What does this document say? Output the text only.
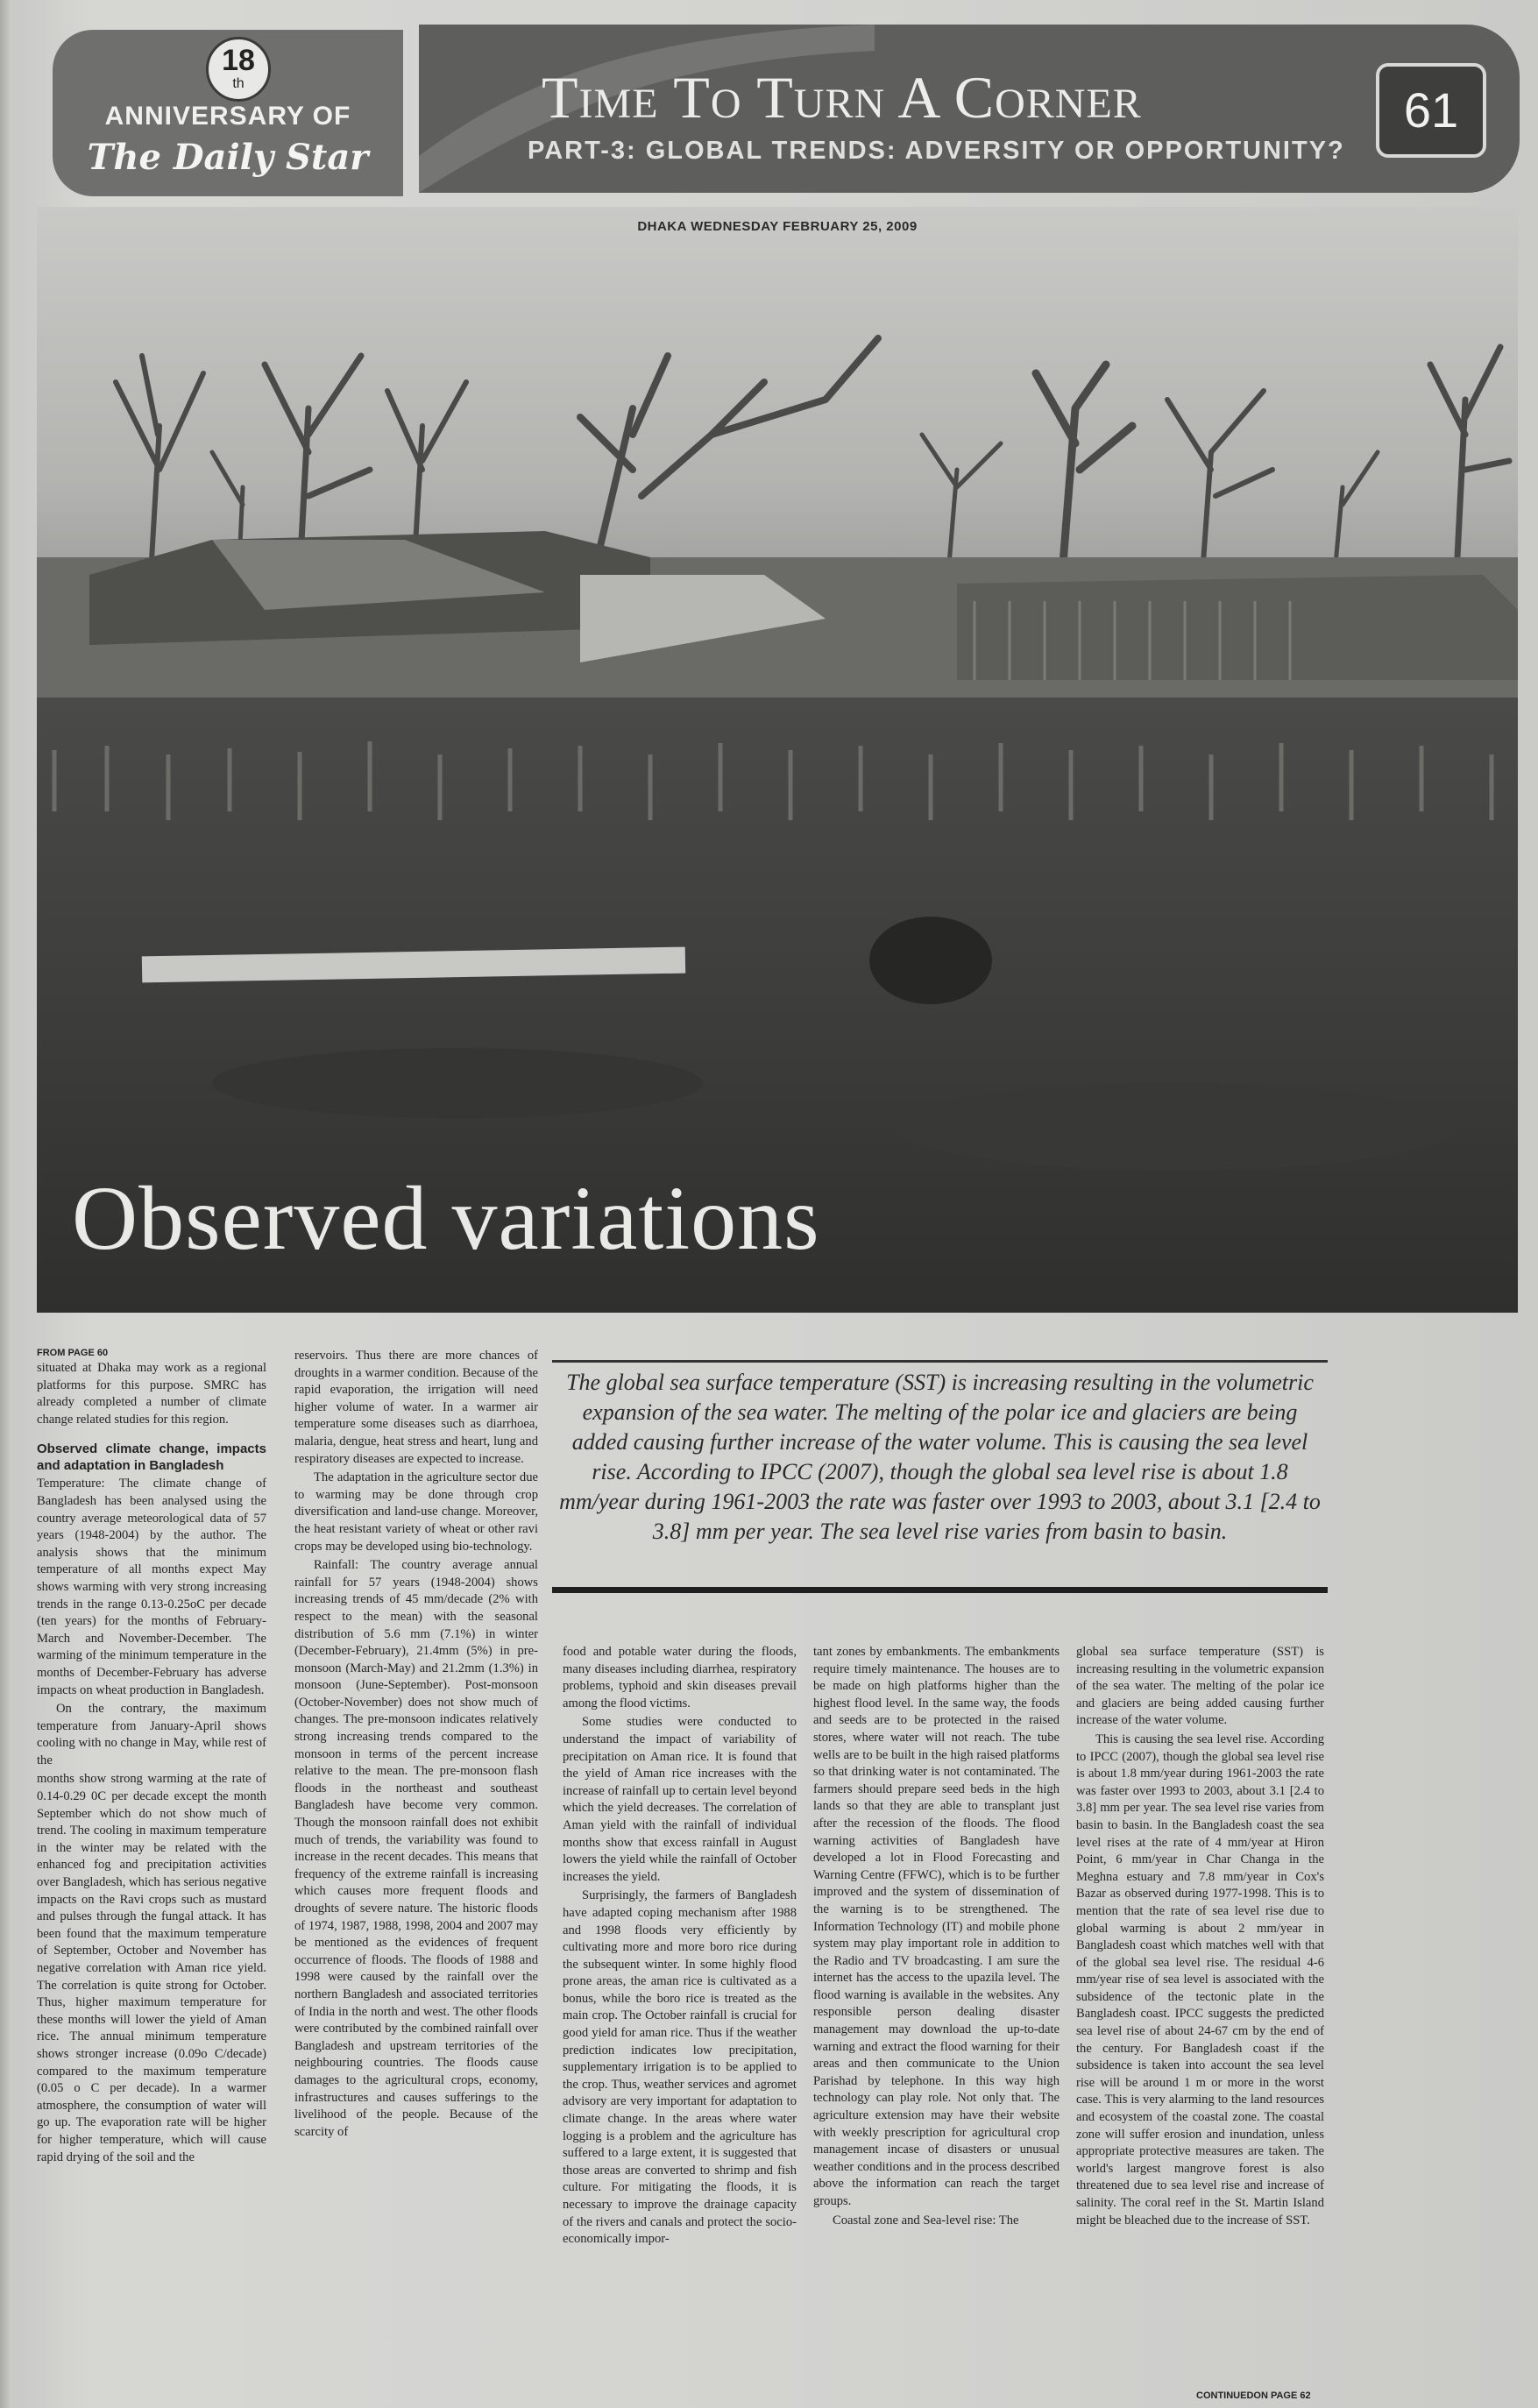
18
th
ANNIVERSARY OF
The Daily Star
Time To Turn A Corner
PART-3: GLOBAL TRENDS: ADVERSITY OR OPPORTUNITY?
61
DHAKA WEDNESDAY FEBRUARY 25, 2009
Observed variations	SYED ZAKIR HOSSAIN
FROM PAGE 60

situated at Dhaka may work as a regional platforms for this purpose. SMRC has already completed a number of climate change related studies for this region.

Observed climate change, impacts and adaptation in Bangladesh

Temperature: The climate change of Bangladesh has been analysed using the country average meteorological data of 57 years (1948-2004) by the author. The analysis shows that the minimum temperature of all months expect May shows warming with very strong increasing trends in the range 0.13-0.25oC per decade (ten years) for the months of February-March and November-December. The warming of the minimum temperature in the months of December-February has adverse impacts on wheat production in Bangladesh.

On the contrary, the maximum temperature from January-April shows cooling with no change in May, while rest of the

months show strong warming at the rate of 0.14-0.29 0C per decade except the month September which do not show much of trend. The cooling in maximum temperature in the winter may be related with the enhanced fog and precipitation activities over Bangladesh, which has serious negative impacts on the Ravi crops such as mustard and pulses through the fungal attack. It has been found that the maximum temperature of September, October and November has negative correlation with Aman rice yield. The correlation is quite strong for October. Thus, higher maximum temperature for these months will lower the yield of Aman rice. The annual minimum temperature shows stronger increase (0.09o C/decade) compared to the maximum temperature (0.05 o C per decade). In a warmer atmosphere, the consumption of water will go up. The evaporation rate will be higher for higher temperature, which will cause rapid drying of the soil and the

reservoirs. Thus there are more chances of droughts in a warmer condition. Because of the rapid evaporation, the irrigation will need higher volume of water. In a warmer air temperature some diseases such as diarrhoea, malaria, dengue, heat stress and heart, lung and respiratory diseases are expected to increase.

The adaptation in the agriculture sector due to warming may be done through crop diversification and land-use change. Moreover, the heat resistant variety of wheat or other ravi crops may be developed using bio-technology.

Rainfall: The country average annual rainfall for 57 years (1948-2004) shows increasing trends of 45 mm/decade (2% with respect to the mean) with the seasonal distribution of 5.6 mm (7.1%) in winter (December-February), 21.4mm (5%) in pre-monsoon (March-May) and 21.2mm (1.3%) in monsoon (June-September). Post-monsoon (October-November) does not show much of changes. The pre-monsoon indicates relatively strong increasing trends compared to the monsoon in terms of the percent increase relative to the mean. The pre-monsoon flash floods in the northeast and southeast Bangladesh have become very common. Though the monsoon rainfall does not exhibit much of trends, the variability was found to increase in the recent decades. This means that frequency of the extreme rainfall is increasing which causes more frequent floods and droughts of severe nature. The historic floods of 1974, 1987, 1988, 1998, 2004 and 2007 may be mentioned as the evidences of frequent occurrence of floods. The floods of 1988 and 1998 were caused by the rainfall over the northern Bangladesh and associated territories of India in the north and west. The other floods were contributed by the combined rainfall over Bangladesh and upstream territories of the neighbouring countries. The floods cause damages to the agricultural crops, economy, infrastructures and causes sufferings to the livelihood of the people. Because of the scarcity of

The global sea surface temperature (SST) is increasing resulting in the volumetric expansion of the sea water. The melting of the polar ice and glaciers are being added causing further increase of the water volume. This is causing the sea level rise. According to IPCC (2007), though the global sea level rise is about 1.8 mm/year during 1961-2003 the rate was faster over 1993 to 2003, about 3.1 [2.4 to 3.8] mm per year. The sea level rise varies from basin to basin.

food and potable water during the floods, many diseases including diarrhea, respiratory problems, typhoid and skin diseases prevail among the flood victims.

Some studies were conducted to understand the impact of variability of precipitation on Aman rice. It is found that the yield of Aman rice increases with the increase of rainfall up to certain level beyond which the yield decreases. The correlation of Aman yield with the rainfall of individual months show that excess rainfall in August lowers the yield while the rainfall of October increases the yield.

Surprisingly, the farmers of Bangladesh have adapted coping mechanism after 1988 and 1998 floods very efficiently by cultivating more and more boro rice during the subsequent winter. In some highly flood prone areas, the aman rice is cultivated as a bonus, while the boro rice is treated as the main crop. The October rainfall is crucial for good yield for aman rice. Thus if the weather prediction indicates low precipitation, supplementary irrigation is to be applied to the crop. Thus, weather services and agromet advisory are very important for adaptation to climate change. In the areas where water logging is a problem and the agriculture has suffered to a large extent, it is suggested that those areas are converted to shrimp and fish culture. For mitigating the floods, it is necessary to improve the drainage capacity of the rivers and canals and protect the socio-economically impor-

tant zones by embankments. The embankments require timely maintenance. The houses are to be made on high platforms higher than the highest flood level. In the same way, the foods and seeds are to be protected in the raised stores, where water will not reach. The tube wells are to be built in the high raised platforms so that drinking water is not contaminated. The farmers should prepare seed beds in the high lands so that they are able to transplant just after the recession of the floods. The flood warning activities of Bangladesh have developed a lot in Flood Forecasting and Warning Centre (FFWC), which is to be further improved and the system of dissemination of the warning is to be strengthened. The Information Technology (IT) and mobile phone system may play important role in addition to the Radio and TV broadcasting. I am sure the internet has the access to the upazila level. The flood warning is available in the websites. Any responsible person dealing disaster management may download the up-to-date warning and extract the flood warning for their areas and then communicate to the Union Parishad by telephone. In this way high technology can play role. Not only that. The agriculture extension may have their website with weekly prescription for agricultural crop management incase of disasters or unusual weather conditions and in the process described above the information can reach the target groups.

Coastal zone and Sea-level rise: The

global sea surface temperature (SST) is increasing resulting in the volumetric expansion of the sea water. The melting of the polar ice and glaciers are being added causing further increase of the water volume.

This is causing the sea level rise. According to IPCC (2007), though the global sea level rise is about 1.8 mm/year during 1961-2003 the rate was faster over 1993 to 2003, about 3.1 [2.4 to 3.8] mm per year. The sea level rise varies from basin to basin. In the Bangladesh coast the sea level rises at the rate of 4 mm/year at Hiron Point, 6 mm/year in Char Changa in the Meghna estuary and 7.8 mm/year in Cox's Bazar as observed during 1977-1998. This is to mention that the rate of sea level rise due to global warming is about 2 mm/year in Bangladesh coast which matches well with that of the global sea level rise. The residual 4-6 mm/year rise of sea level is associated with the subsidence of the tectonic plate in the Bangladesh coast. IPCC suggests the predicted sea level rise of about 24-67 cm by the end of the century. For Bangladesh coast if the subsidence is taken into account the sea level rise will be around 1 m or more in the worst case. This is very alarming to the land resources and ecosystem of the coastal zone. The coastal zone will suffer erosion and inundation, unless appropriate protective measures are taken. The world's largest mangrove forest is also threatened due to sea level rise and increase of salinity. The coral reef in the St. Martin Island might be bleached due to the increase of SST.

CONTINUEDON PAGE 62
